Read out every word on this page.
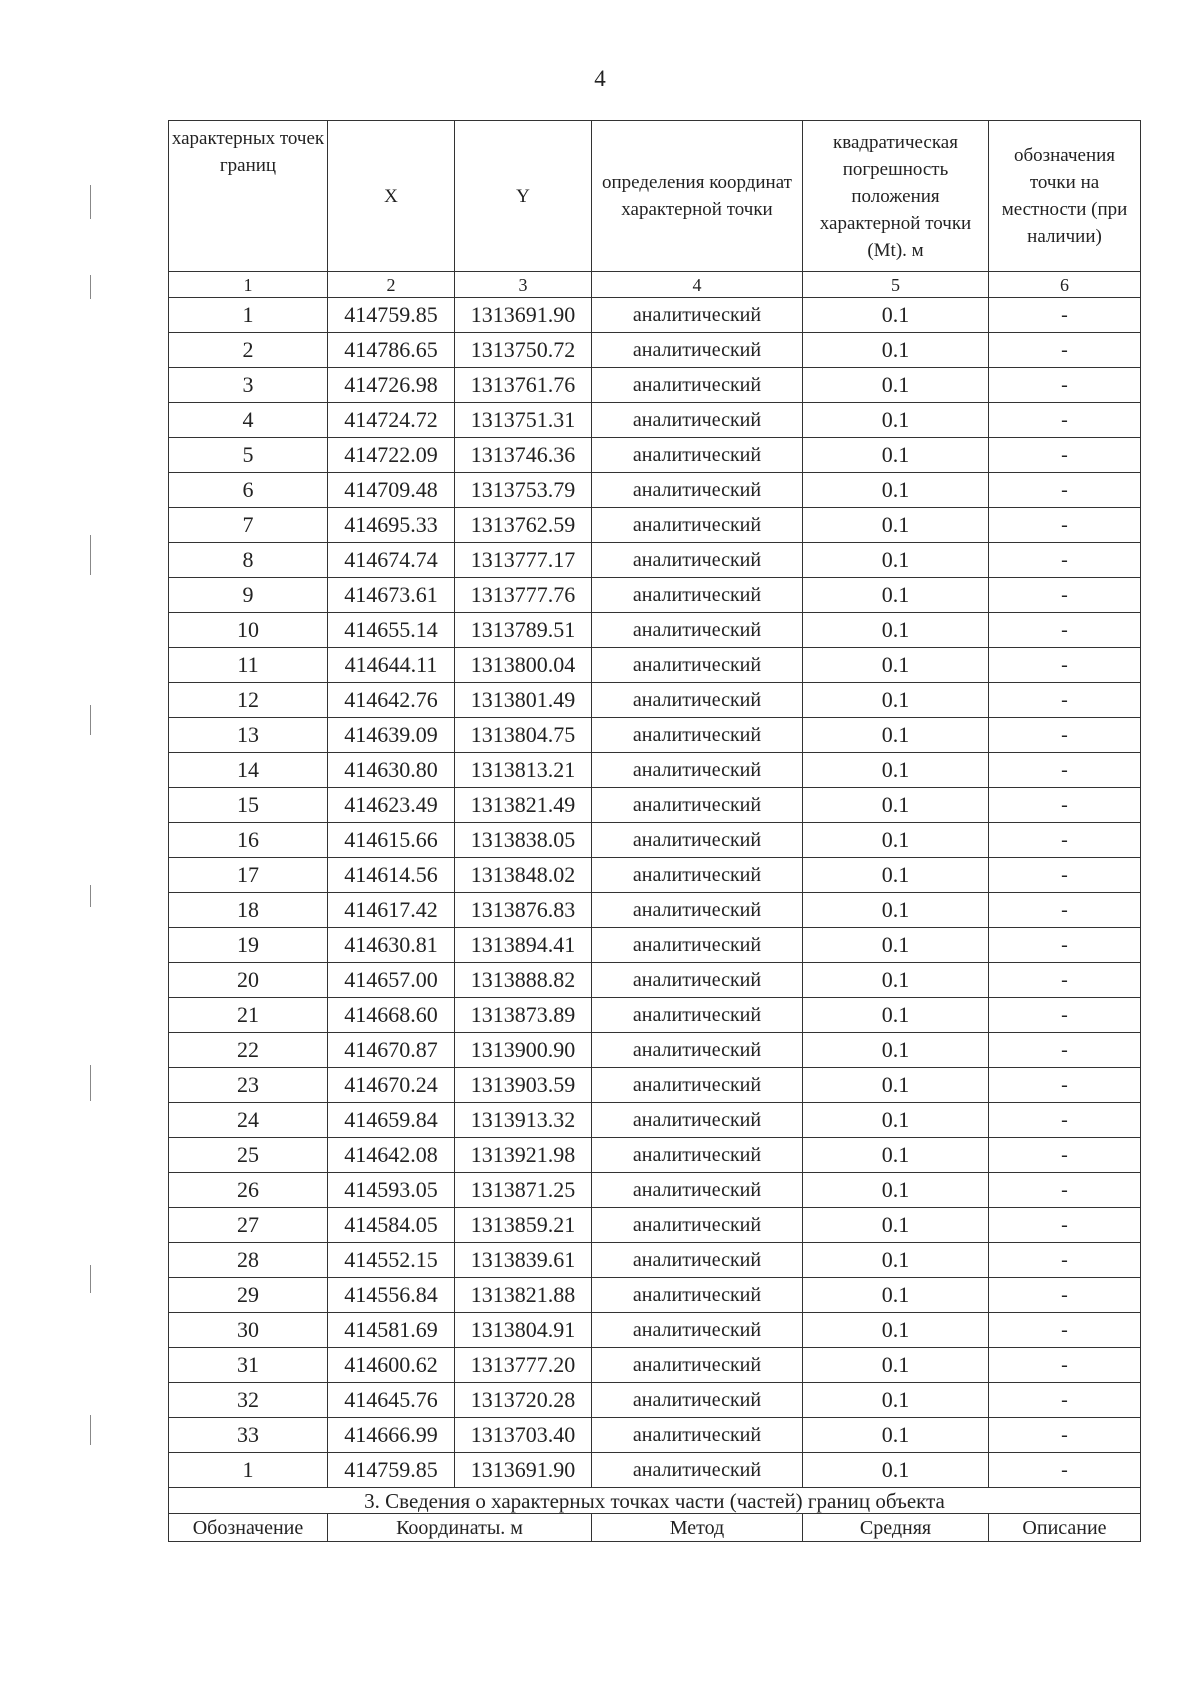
4
характерных точек границ	X	Y	определения координат характерной точки	квадратическая погрешность положения характерной точки (Mt). м	обозначения точки на местности (при наличии)
1	2	3	4	5	6
1	414759.85	1313691.90	аналитический	0.1	-
2	414786.65	1313750.72	аналитический	0.1	-
3	414726.98	1313761.76	аналитический	0.1	-
4	414724.72	1313751.31	аналитический	0.1	-
5	414722.09	1313746.36	аналитический	0.1	-
6	414709.48	1313753.79	аналитический	0.1	-
7	414695.33	1313762.59	аналитический	0.1	-
8	414674.74	1313777.17	аналитический	0.1	-
9	414673.61	1313777.76	аналитический	0.1	-
10	414655.14	1313789.51	аналитический	0.1	-
11	414644.11	1313800.04	аналитический	0.1	-
12	414642.76	1313801.49	аналитический	0.1	-
13	414639.09	1313804.75	аналитический	0.1	-
14	414630.80	1313813.21	аналитический	0.1	-
15	414623.49	1313821.49	аналитический	0.1	-
16	414615.66	1313838.05	аналитический	0.1	-
17	414614.56	1313848.02	аналитический	0.1	-
18	414617.42	1313876.83	аналитический	0.1	-
19	414630.81	1313894.41	аналитический	0.1	-
20	414657.00	1313888.82	аналитический	0.1	-
21	414668.60	1313873.89	аналитический	0.1	-
22	414670.87	1313900.90	аналитический	0.1	-
23	414670.24	1313903.59	аналитический	0.1	-
24	414659.84	1313913.32	аналитический	0.1	-
25	414642.08	1313921.98	аналитический	0.1	-
26	414593.05	1313871.25	аналитический	0.1	-
27	414584.05	1313859.21	аналитический	0.1	-
28	414552.15	1313839.61	аналитический	0.1	-
29	414556.84	1313821.88	аналитический	0.1	-
30	414581.69	1313804.91	аналитический	0.1	-
31	414600.62	1313777.20	аналитический	0.1	-
32	414645.76	1313720.28	аналитический	0.1	-
33	414666.99	1313703.40	аналитический	0.1	-
1	414759.85	1313691.90	аналитический	0.1	-
3. Сведения о характерных точках части (частей) границ объекта					
Обозначение	Координаты. м		Метод	Средняя	Описание
